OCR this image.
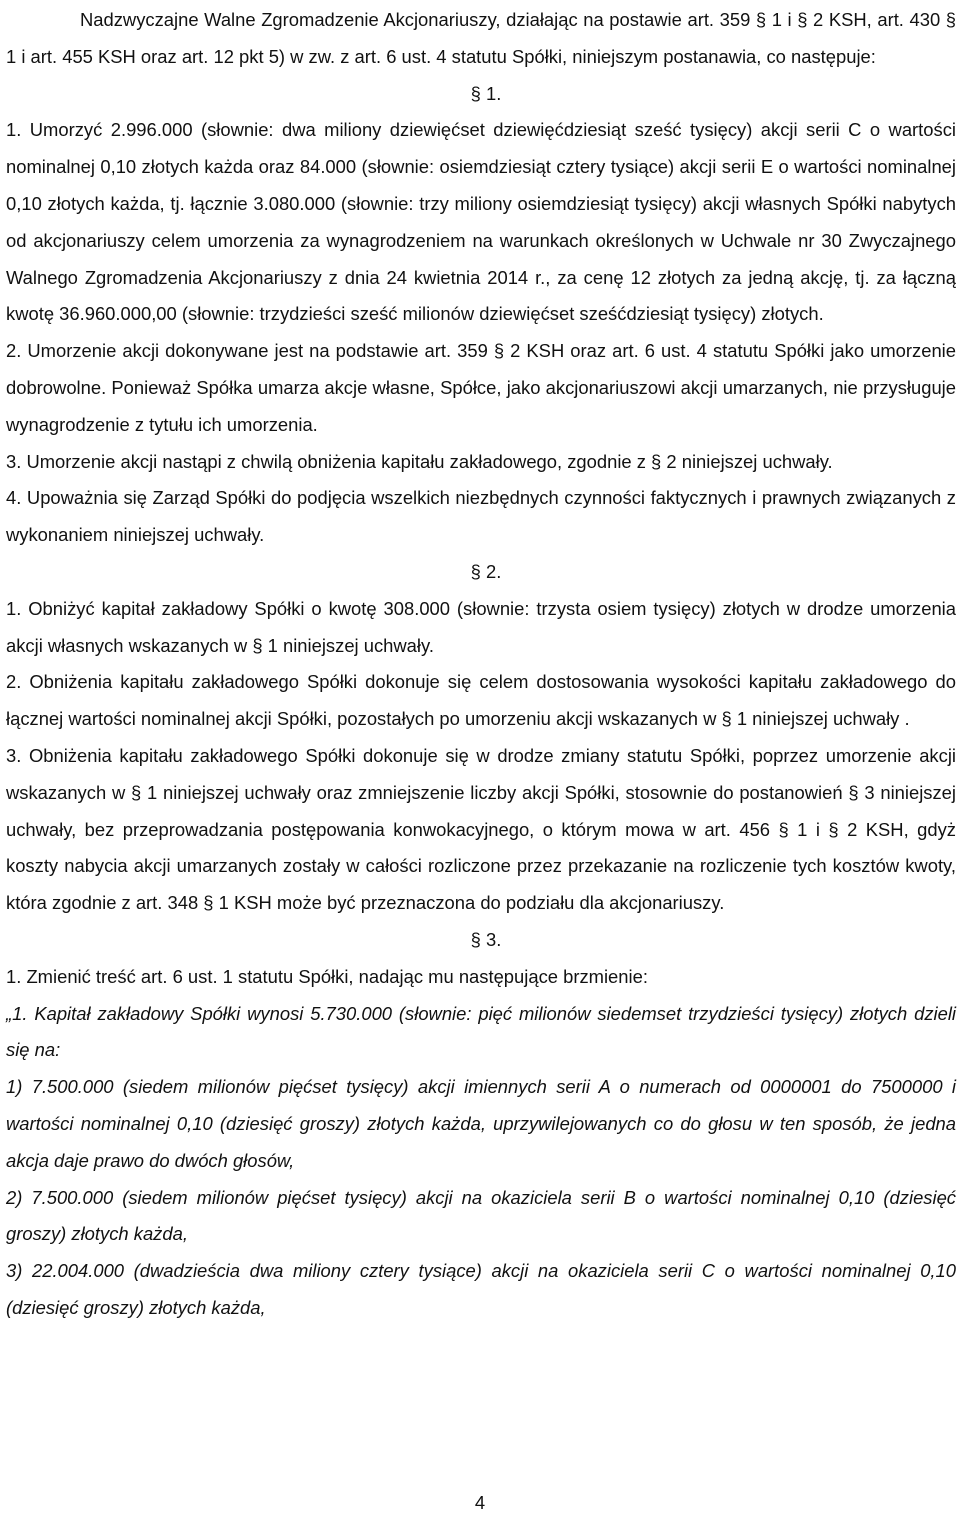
Nadzwyczajne Walne Zgromadzenie Akcjonariuszy, działając na postawie art. 359 § 1 i § 2 KSH, art. 430 § 1 i art. 455 KSH oraz art. 12 pkt 5) w zw. z art. 6 ust. 4 statutu Spółki, niniejszym postanawia, co następuje:

§ 1.

1. Umorzyć 2.996.000 (słownie: dwa miliony dziewięćset dziewięćdziesiąt sześć tysięcy) akcji serii C o wartości nominalnej 0,10 złotych każda oraz 84.000 (słownie: osiemdziesiąt cztery tysiące) akcji serii E o wartości nominalnej 0,10 złotych każda, tj. łącznie 3.080.000 (słownie: trzy miliony osiemdziesiąt tysięcy) akcji własnych Spółki nabytych od akcjonariuszy celem umorzenia za wynagrodzeniem na warunkach określonych w Uchwale nr 30 Zwyczajnego Walnego Zgromadzenia Akcjonariuszy z dnia 24 kwietnia 2014 r., za cenę 12 złotych za jedną akcję, tj. za łączną kwotę 36.960.000,00 (słownie: trzydzieści sześć milionów dziewięćset sześćdziesiąt tysięcy) złotych.

2. Umorzenie akcji dokonywane jest na podstawie art. 359 § 2 KSH oraz art. 6 ust. 4 statutu Spółki jako umorzenie dobrowolne. Ponieważ Spółka umarza akcje własne, Spółce, jako akcjonariuszowi akcji umarzanych, nie przysługuje wynagrodzenie z tytułu ich umorzenia.

3. Umorzenie akcji nastąpi z chwilą obniżenia kapitału zakładowego, zgodnie z § 2 niniejszej uchwały.

4. Upoważnia się Zarząd Spółki do podjęcia wszelkich niezbędnych czynności faktycznych i prawnych związanych z wykonaniem niniejszej uchwały.

§ 2.

1. Obniżyć kapitał zakładowy Spółki o kwotę 308.000 (słownie: trzysta osiem tysięcy) złotych w drodze umorzenia akcji własnych wskazanych w § 1 niniejszej uchwały.

2. Obniżenia kapitału zakładowego Spółki dokonuje się celem dostosowania wysokości kapitału zakładowego do łącznej wartości nominalnej akcji Spółki, pozostałych po umorzeniu akcji wskazanych w § 1 niniejszej uchwały .

3. Obniżenia kapitału zakładowego Spółki dokonuje się w drodze zmiany statutu Spółki, poprzez umorzenie akcji wskazanych w § 1 niniejszej uchwały oraz zmniejszenie liczby akcji Spółki, stosownie do postanowień § 3 niniejszej uchwały, bez przeprowadzania postępowania konwokacyjnego, o którym mowa w art. 456 § 1 i § 2 KSH, gdyż koszty nabycia akcji umarzanych zostały w całości rozliczone przez przekazanie na rozliczenie tych kosztów kwoty, która zgodnie z art. 348 § 1 KSH może być przeznaczona do podziału dla akcjonariuszy.

§ 3.

1. Zmienić treść art. 6 ust. 1 statutu Spółki, nadając mu następujące brzmienie:

„1. Kapitał zakładowy Spółki wynosi 5.730.000 (słownie: pięć milionów siedemset trzydzieści tysięcy) złotych dzieli się na:

1) 7.500.000 (siedem milionów pięćset tysięcy) akcji imiennych serii A o numerach od 0000001 do 7500000 i wartości nominalnej 0,10 (dziesięć groszy) złotych każda, uprzywilejowanych co do głosu w ten sposób, że jedna akcja daje prawo do dwóch głosów,

2) 7.500.000 (siedem milionów pięćset tysięcy) akcji na okaziciela serii B o wartości nominalnej 0,10 (dziesięć groszy) złotych każda,

3) 22.004.000 (dwadzieścia dwa miliony cztery tysiące) akcji na okaziciela serii C o wartości nominalnej 0,10 (dziesięć groszy) złotych każda,

4
